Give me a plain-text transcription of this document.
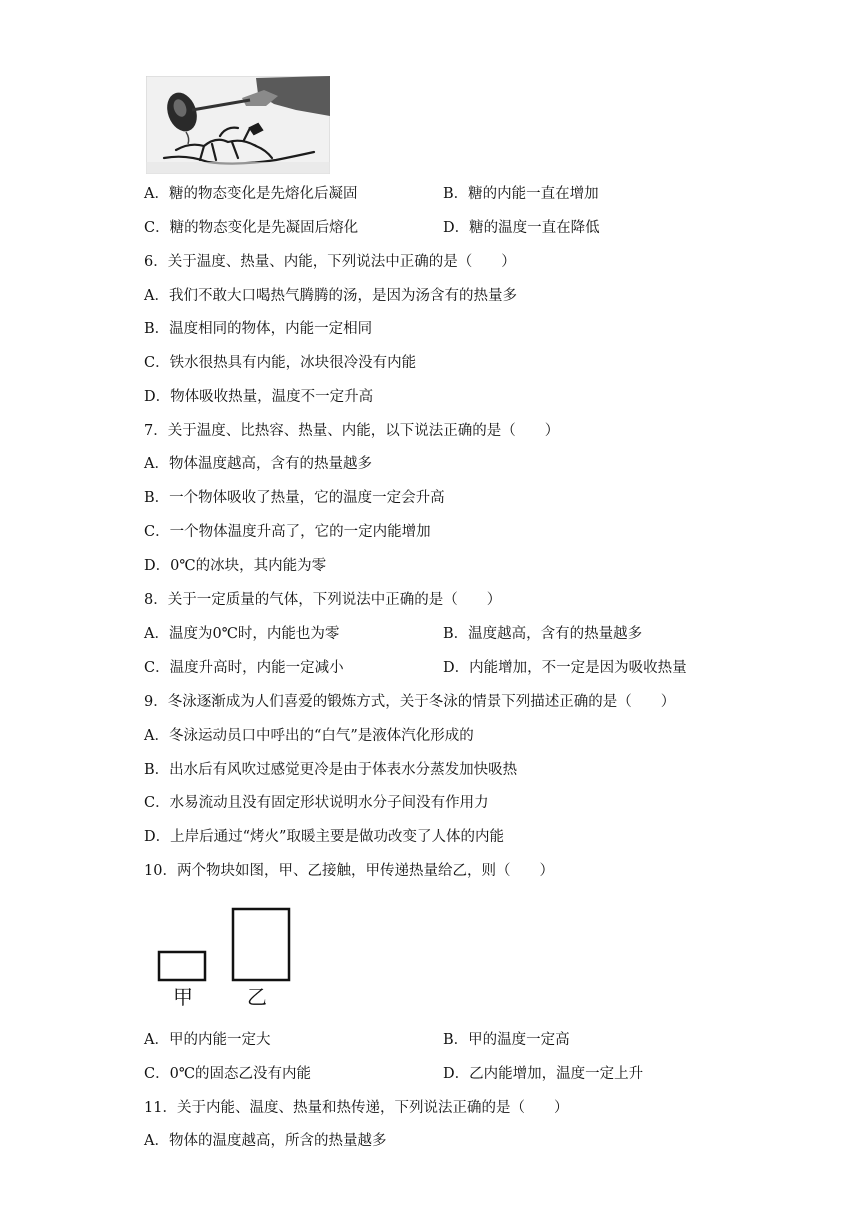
A．糖的物态变化是先熔化后凝固	B．糖的内能一直在增加
C．糖的物态变化是先凝固后熔化	D．糖的温度一直在降低
6．关于温度、热量、内能，下列说法中正确的是（　　）
A．我们不敢大口喝热气腾腾的汤，是因为汤含有的热量多
B．温度相同的物体，内能一定相同
C．铁水很热具有内能，冰块很冷没有内能
D．物体吸收热量，温度不一定升高
7．关于温度、比热容、热量、内能，以下说法正确的是（　　）
A．物体温度越高，含有的热量越多
B．一个物体吸收了热量，它的温度一定会升高
C．一个物体温度升高了，它的一定内能增加
D．0℃的冰块，其内能为零
8．关于一定质量的气体，下列说法中正确的是（　　）
A．温度为0℃时，内能也为零	B．温度越高，含有的热量越多
C．温度升高时，内能一定减小	D．内能增加，不一定是因为吸收热量
9．冬泳逐渐成为人们喜爱的锻炼方式，关于冬泳的情景下列描述正确的是（　　）
A．冬泳运动员口中呼出的“白气”是液体汽化形成的
B．出水后有风吹过感觉更冷是由于体表水分蒸发加快吸热
C．水易流动且没有固定形状说明水分子间没有作用力
D．上岸后通过“烤火”取暖主要是做功改变了人体的内能
10．两个物块如图，甲、乙接触，甲传递热量给乙，则（　　）
甲	乙
A．甲的内能一定大	B．甲的温度一定高
C．0℃的固态乙没有内能	D．乙内能增加，温度一定上升
11．关于内能、温度、热量和热传递，下列说法正确的是（　　）
A．物体的温度越高，所含的热量越多
